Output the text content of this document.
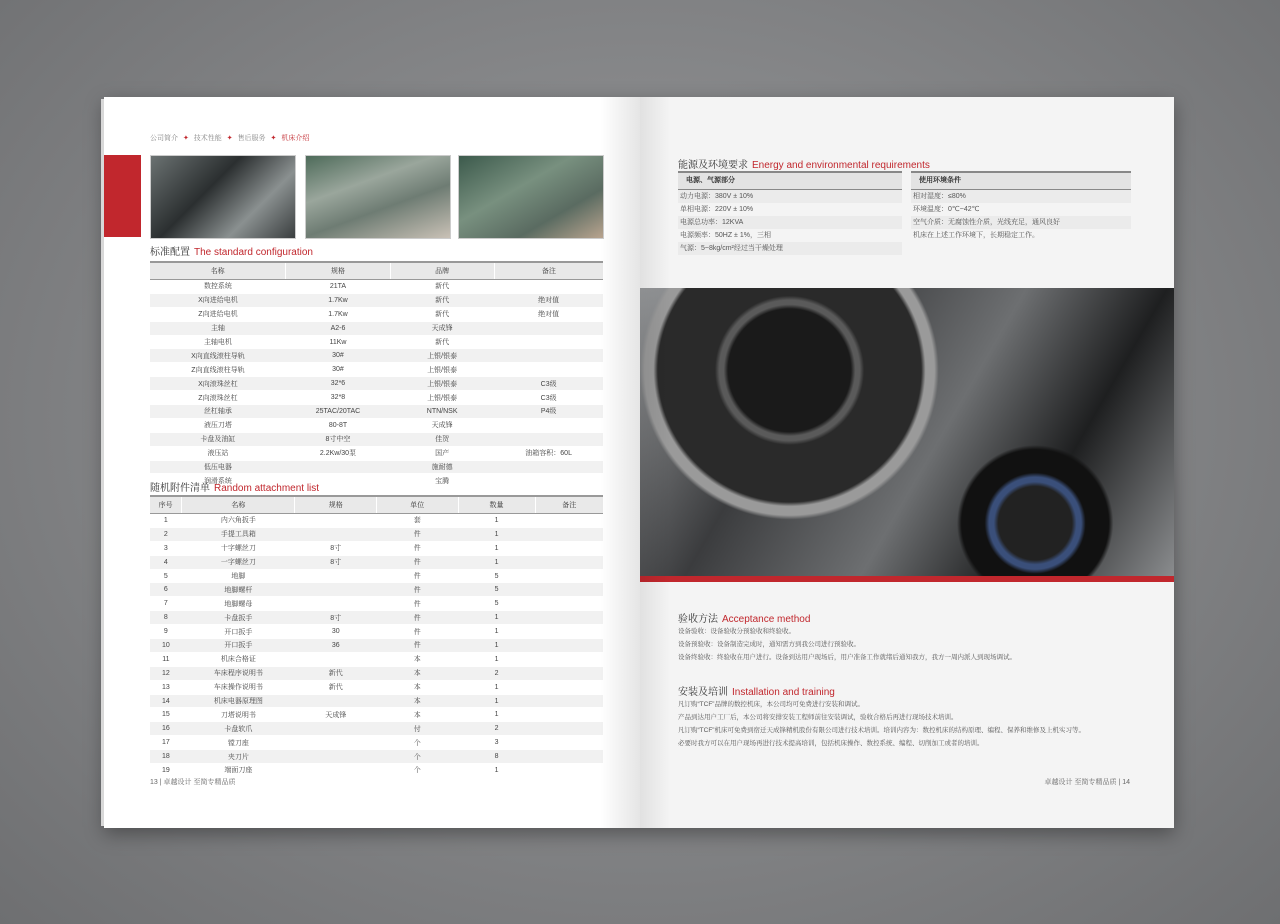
公司简介 ✦ 技术性能 ✦ 售后服务 ✦ 机床介绍
标准配置 The standard configuration
名称	规格	品牌	备注
数控系统	21TA	新代	
X向进给电机	1.7Kw	新代	绝对值
Z向进给电机	1.7Kw	新代	绝对值
主轴	A2-6	天成锋	
主轴电机	11Kw	新代	
X向直线滚柱导轨	30#	上银/银泰	
Z向直线滚柱导轨	30#	上银/银泰	
X向滚珠丝杠	32*6	上银/银泰	C3级
Z向滚珠丝杠	32*8	上银/银泰	C3级
丝杠轴承	25TAC/20TAC	NTN/NSK	P4级
液压刀塔	80-8T	天成锋	
卡盘及油缸	8寸中空	佳贺	
液压站	2.2Kw/30泵	国产	油箱容积：60L
低压电器		施耐德	
润滑系统		宝腾	
随机附件清单 Random attachment list
序号	名称	规格	单位	数量	备注
1	内六角扳手		套	1	
2	手提工具箱		件	1	
3	十字螺丝刀	8寸	件	1	
4	一字螺丝刀	8寸	件	1	
5	地脚		件	5	
6	地脚螺杆		件	5	
7	地脚螺母		件	5	
8	卡盘扳手	8寸	件	1	
9	开口扳手	30	件	1	
10	开口扳手	36	件	1	
11	机床合格证		本	1	
12	车床程序说明书	新代	本	2	
13	车床操作说明书	新代	本	1	
14	机床电器原理图		本	1	
15	刀塔说明书	天成锋	本	1	
16	卡盘软爪		付	2	
17	镗刀座		个	3	
18	夹刀片		个	8	
19	端面刀座		个	1	
13 | 卓越设计 至简专精品质
能源及环境要求 Energy and environmental requirements
电源、气源部分
动力电源：380V ± 10%
单相电源：220V ± 10%
电源总功率：12KVA
电源频率：50HZ ± 1%，三相
气源：5~8kg/cm²经过当干燥处理
使用环境条件
相对湿度：≤80%
环境温度：0℃~42℃
空气介质：无腐蚀性介质，光线充足，通风良好
机床在上述工作环境下，长期稳定工作。
验收方法 Acceptance method
设备验收：设备验收分预验收和终验收。
设备预验收：设备制造完成时，通知需方到我公司进行预验收。
设备终验收：终验收在用户进行。设备到达用户现场后，用户准备工作就绪后通知我方，我方一周内派人到现场调试。
安装及培训 Installation and training
凡订购“TCF”品牌的数控机床，本公司均可免费进行安装和调试。
产品到达用户工厂后，本公司将安排安装工程师前往安装调试，验收合格后再进行现场技术培训。
凡订购“TCF”机床可免费到宿迁天成锋精机股份有限公司进行技术培训。培训内容为：数控机床的结构原理、编程、保养和维修及上机实习等。
必要时我方可以在用户现场再进行技术提高培训，包括机床操作、数控系统、编程、切削加工或者的培训。
卓越设计 至简专精品质 | 14
